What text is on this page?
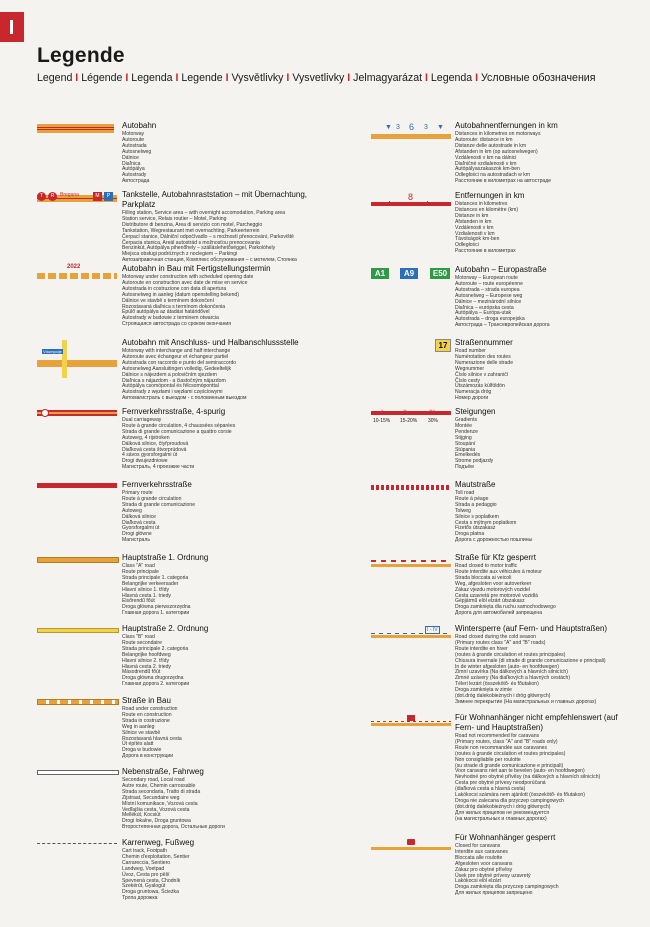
Legende
Legend I Légende I Legenda I Legende I Vysvětlivky I Vysvetlivky I Jelmagyarázat I Legenda I Условные обозначения
T	R	Bregana	M	P
2022
Vdumpolje
▼	▼
3 6 3
4
8
4
A1	A9	E50
17
›	»	»›
10-15% 15-20% 30%
I - IV
Autobahn
Motorway
Autoroute
Autostrada
Autosnelweg
Dálnice
Diaľnica
Autópálya
Autostrady
Автострада
Tankstelle, Autobahnraststation – mit Übernachtung, Parkplatz
Filling station, Service area – with overnight accomodation, Parking area
Station service, Relais routier – Motel, Parking
Distributore di benzina, Area di servizio con motel, Parcheggio
Tankstation, Wegrestaurant met overnachting, Parkeerterrein
Čerpací stanice, Dálniční odpočívadlo – s možností přenocování, Parkoviště
Čerpacia stanica, Areál autostrád s možnosťou prenocovania
Benzinkút, Autópálya pihenőhely – szálláslehetőséggel, Parkolóhely
Miejsca obsługi podróżnych z noclegiem – Parkingi
Автозаправочная станция, Комплекс обслуживания – с мотелем, Стоянка
Autobahn in Bau mit Fertigstellungstermin
Motorway under construction with scheduled opening date
Autoroute en construction avec date de mise en service
Autostrada in costruzione con data di apertura
Autosnelweg in aanleg (datum openstelling bekend)
Dálnice ve stavbě s termínem dokončení
Rozostavaná diaľnica s termínom dokončenia
Épülő autópálya az átadási határidővel
Autostrady w budowie z terminem otwarcia
Строящаяся автострада со сроком окончания
Autobahn mit Anschluss- und Halbanschlussstelle
Motorway with interchange and half interchange
Autoroute avec échangeur et échangeur partiel
Autostrada con raccordo e punto del semiraccordo
Autosnelweg Aansluitingen volledig, Gedeeltelijk
Dálnice s nájezdem a polovičním sjezdem
Diaľnica s nájazdom - a čiastočným nájazdom
Autópálya csomópontal és félcsomóponttal
Autostrady z węzłami i węzłami częściowymi
Автомагистраль с выездом - с половинным выездом
Fernverkehrsstraße, 4-spurig
Dual carriageway
Route à grande circulation, 4 chaussées séparées
Strada di grande comunicazione a quattro corsie
Autoweg, 4 rijstroken
Dálková silnice, čtyřproudová
Diaľková cesta štvorprúdová
4 sávos gyorsforgalmi út
Drogi dwujezdniowe
Магистраль, 4 проезжие части
Fernverkehrsstraße
Primary route
Route à grande circulation
Strada di grande comunicazione
Autoweg
Dálková silnice
Diaľková cesta
Gyorsforgalmi út
Drogi główne
Магистраль
Hauptstraße 1. Ordnung
Class "A" road
Route principale
Strada principale 1. categoria
Belangrijke verkeersader
Hlavní silnice 1. třídy
Hlavná cesta 1. triedy
Elsőrendű főút
Droga główna pierwszorzędna
Главная дорога 1. категории
Hauptstraße 2. Ordnung
Class "B" road
Route secondaire
Strada principale 2. categoria
Belangrijke hoofdweg
Hlavní silnice 2. třídy
Hlavná cesta 2. triedy
Másodrendű főút
Droga główna drugorzędna
Главная дорога 2. категории
Straße in Bau
Road under construction
Route en construction
Strada in costruzione
Weg in aanleg
Silnice ve stavbě
Rozostavaná hlavná cesta
Út építés alatt
Droga w budowie
Дорога в конструкции
Nebenstraße, Fahrweg
Secondary road, Local road
Autre route, Chemin carrossable
Strada secondaria, Tratto di strada
Zijstraat, Secundaire weg
Místní komunikace, Vozová cesta
Vedľajšia cesta, Vozová cesta
Mellékút, Kocsiút
Drogi lokalne, Droga gruntowa
Второстепенная дорога, Остальные дороги
Karrenweg, Fußweg
Cart track, Footpath
Chemin d'exploitation, Sentier
Carrareccia, Sentiero
Landweg, Voetpad
Úvoz, Cesta pro pěší
Spevnená cesta, Chodník
Szekérút, Gyalogút
Droga gruntowa, Ścieżka
Тропа дорожка
Autobahnentfernungen in km
Distances in kilometres on motorways
Autoroute: distance in km
Distanze delle autostrade in km
Afstanden in km (op autosnelwegen)
Vzdálenosti v km na dálnici
Diaľničné vzdialenosti v km
Autópályaszakaszok km-ben
Odległości na autostradach w km
Расстояние в километрах на автостраде
Entfernungen in km
Distances in kilometres
Distances en kilomètre (km)
Distanze in km
Afstanden in km
Vzdálenosti v km
Vzdialenosti v km
Távolságok km-ben
Odległości
Расстояние в километрах
Autobahn – Europastraße
Motorway – European route
Autoroute – route européenne
Autostrada – strada europea
Autosnelweg – Europese weg
Dálnice – mezinárodní silnice
Diaľnica – európska cesta
Autópálya – Európa-utak
Autostrada – droga europejska
Автострада – Трансевропейская дорога
Straßennummer
Road number
Numérotation des routes
Numerazione delle strade
Wegnummer
Číslo silnice v zahraničí
Číslo cesty
Útszámozás külföldön
Numeracja dróg
Номер дороги
Steigungen
Gradients
Montée
Pendenze
Stijging
Stoupání
Stúpania
Emelkedés
Strome podjazdy
Подъём
Mautstraße
Toll road
Route à péage
Strada a pedaggio
Tolweg
Silnice s poplatkem
Cesta s mýtnym poplatkom
Fizetős útszakasz
Droga płatna
Дорога с дорожностью пошлины
Straße für Kfz gesperrt
Road closed to motor traffic
Route interdite aux véhicules à moteur
Strada bloccata ai veicoli
Weg, afgesloten voor autoverkeer
Zákaz vjezdu motorových vozidel
Cesta uzavretá pre motorové vozidlá
Gépjármű elöl elzárt útszakasz
Droga zamknięta dla ruchu samochodowego
Дорога для автомобилей запрещена
Wintersperre (auf Fern- und Hauptstraßen)
Road closed during the cold season
(Primary routes class "A" and "B" roads)
Route interdite en hiver
(routes à grande circulation et routes principales)
Chiusura invernale (di strade di grande comunicazione e principali)
In de winter afgesloten (auto- en hoofdwegen)
Zimní uzavírka (Na dálkových a hlavních silnicích)
Zimné uzávery (Na diaľkových a hlavných cestách)
Téleri lezárt (összekötő- és főutakon)
Droga zamknięta w zimie
(dot.dróg dalekobieżnych i dróg głównych)
Зимнее перекрытие (На магистральных и главных дорогах)
Für Wohnanhänger nicht empfehlenswert (auf Fern- und Hauptstraßen)
Road not recommended for caravans
(Primary routes, class "A" and "B" roads only)
Route non recommandée aux caravanes
(routes à grande circulation et routes principales)
Non consigliabile per roulotte
(su strade di grande comunicazione e principali)
Voor caravans niet aan te bevelen (auto- en hoofdwegen)
Nevhodné pro obytné přívěsy (na dálkových a hlavních silnicích)
Cesta pre obytné prívesy neodporúčaná
(diaľková cesta a hlavná cesta)
Lakókocsi számára nem ajánlott (összekötő- és főutakon)
Droga nie zalecana dla przyczep campingowych
(dot.dróg dalekobieżnych i dróg głównych)
Для жилых прицепов не рекомендуется
(на магистральных и главных дорогах)
Für Wohnanhänger gesperrt
Closed for caravans
Interdite aux caravanes
Bloccata alle roulotte
Afgesloten voor caravans
Zákaz pro obytné přívěsy
Úsek pre obytné prívesy uzavretý
Lakókocsi elöl elzárt
Droga zamknięta dla przyczep campingowych
Для жилых прицепов запрещено
